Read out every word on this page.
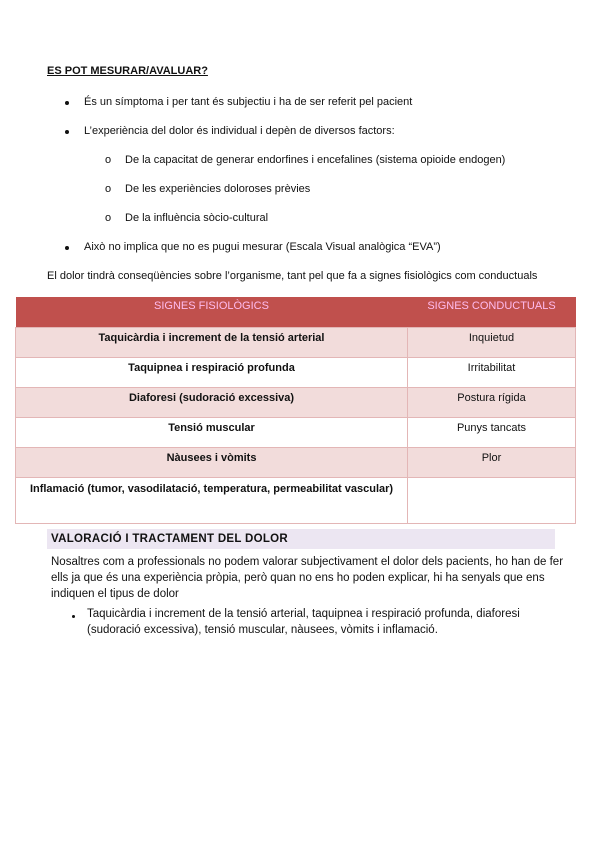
ES POT MESURAR/AVALUAR?
És un símptoma i per tant és subjectiu i ha de ser referit pel pacient
L’experiència del dolor és individual i depèn de diversos factors:
o De la capacitat de generar endorfines i encefalines (sistema opioide endogen)
o De les experiències doloroses prèvies
o De la influència sòcio-cultural
Això no implica que no es pugui mesurar (Escala Visual analògica “EVA”)
El dolor tindrà conseqüències sobre l’organisme, tant pel que fa a signes fisiològics com conductuals
SIGNES FISIOLÒGICS	SIGNES CONDUCTUALS
Taquicàrdia i increment de la tensió arterial	Inquietud
Taquipnea i respiració profunda	Irritabilitat
Diaforesi (sudoració excessiva)	Postura rígida
Tensió muscular	Punys tancats
Nàusees i vòmits	Plor
Inflamació (tumor, vasodilatació, temperatura, permeabilitat vascular)	
VALORACIÓ I TRACTAMENT DEL DOLOR
Nosaltres com a professionals no podem valorar subjectivament el dolor dels pacients, ho han de fer ells ja que és una experiència pròpia, però quan no ens ho poden explicar, hi ha senyals que ens indiquen el tipus de dolor
Taquicàrdia i increment de la tensió arterial, taquipnea i respiració profunda, diaforesi (sudoració excessiva), tensió muscular, nàusees, vòmits i inflamació.
